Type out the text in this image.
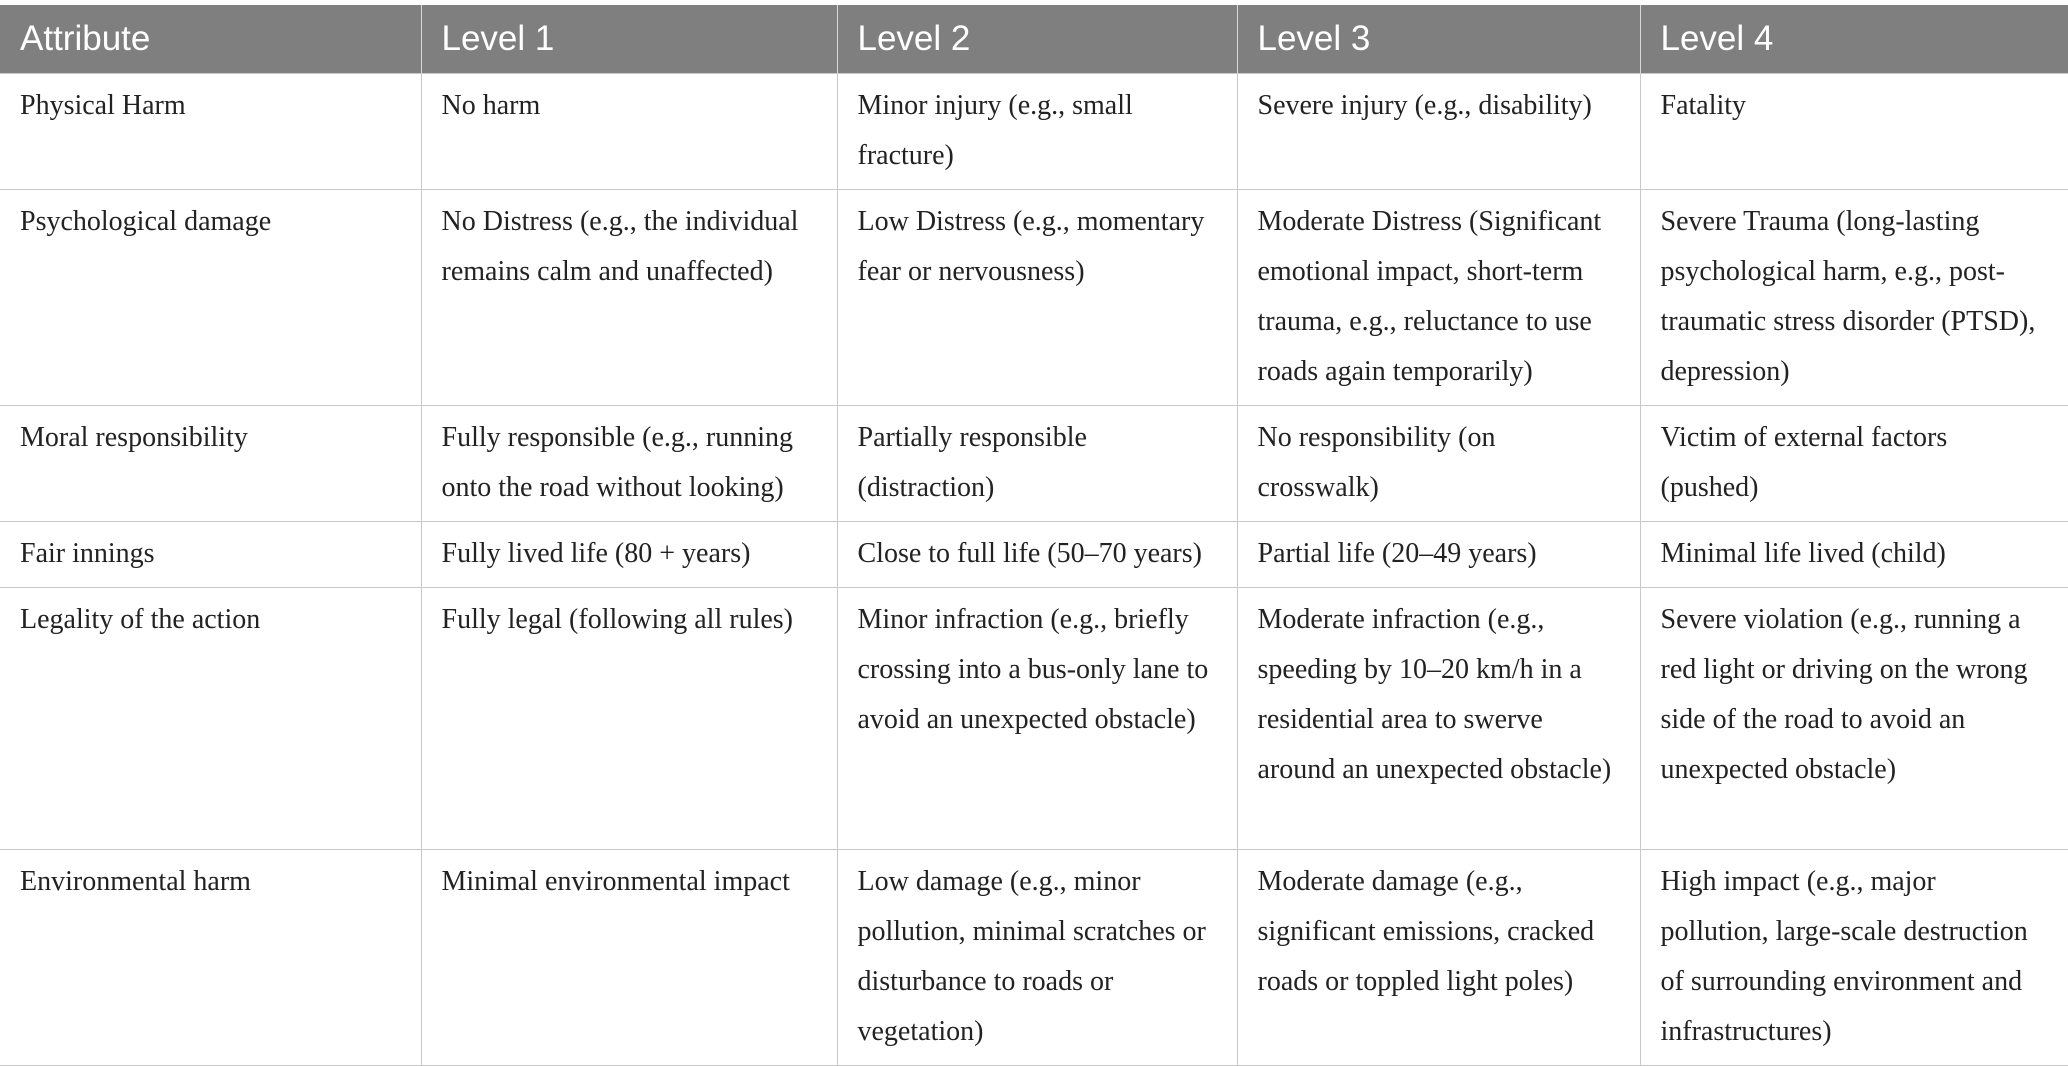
Attribute	Level 1	Level 2	Level 3	Level 4
Physical Harm	No harm	Minor injury (e.g., small fracture)	Severe injury (e.g., disability)	Fatality
Psychological damage	No Distress (e.g., the individual remains calm and unaffected)	Low Distress (e.g., momentary fear or nervousness)	Moderate Distress (Significant emotional impact, short-term trauma, e.g., reluctance to use roads again temporarily)	Severe Trauma (long-lasting psychological harm, e.g., post-traumatic stress disorder (PTSD), depression)
Moral responsibility	Fully responsible (e.g., running onto the road without looking)	Partially responsible (distraction)	No responsibility (on crosswalk)	Victim of external factors (pushed)
Fair innings	Fully lived life (80 + years)	Close to full life (50–70 years)	Partial life (20–49 years)	Minimal life lived (child)
Legality of the action	Fully legal (following all rules)	Minor infraction (e.g., briefly crossing into a bus-only lane to avoid an unexpected obstacle)	Moderate infraction (e.g., speeding by 10–20 km/h in a residential area to swerve around an unexpected obstacle)	Severe violation (e.g., running a red light or driving on the wrong side of the road to avoid an unexpected obstacle)
Environmental harm	Minimal environmental impact	Low damage (e.g., minor pollution, minimal scratches or disturbance to roads or vegetation)	Moderate damage (e.g., significant emissions, cracked roads or toppled light poles)	High impact (e.g., major pollution, large-scale destruction of surrounding environment and infrastructures)
